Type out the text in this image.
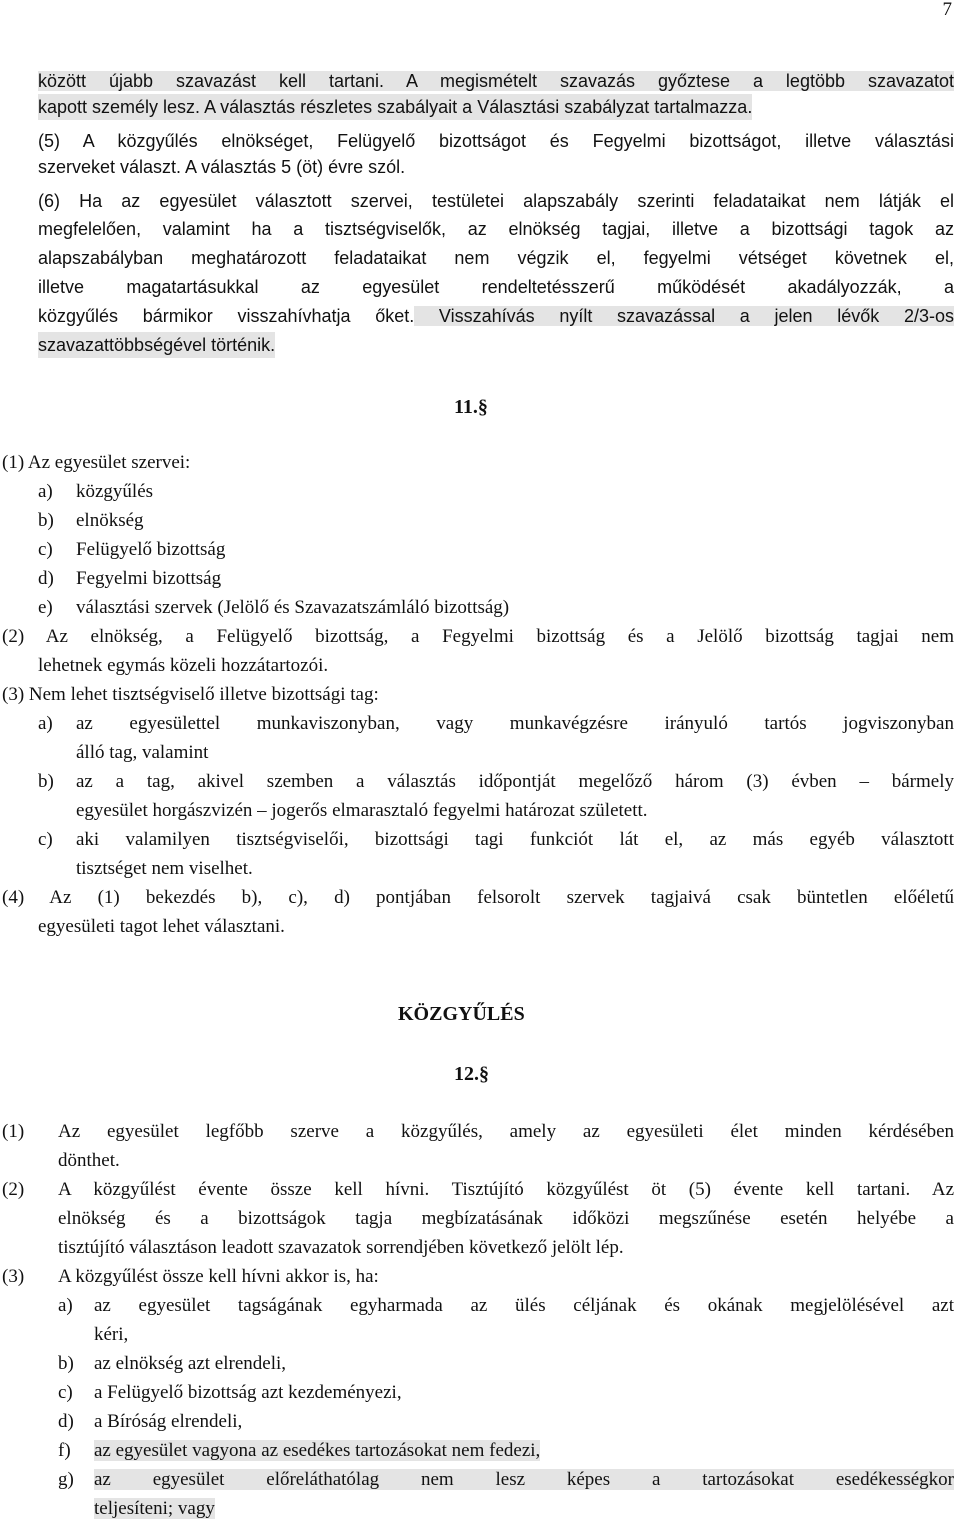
7
között újabb szavazást kell tartani. A megismételt szavazás győztese a legtöbb szavazatot
kapott személy lesz. A választás részletes szabályait a Választási szabályzat tartalmazza.
(5) A közgyűlés elnökséget, Felügyelő bizottságot és Fegyelmi bizottságot, illetve választási
szerveket választ. A választás 5 (öt) évre szól.
(6) Ha az egyesület választott szervei, testületei alapszabály szerinti feladataikat nem látják el
megfelelően, valamint ha a tisztségviselők, az elnökség tagjai, illetve a bizottsági tagok az
alapszabályban meghatározott feladataikat nem végzik el, fegyelmi vétséget követnek el,
illetve magatartásukkal az egyesület rendeltetésszerű működését akadályozzák, a
közgyűlés bármikor visszahívhatja őket. Visszahívás nyílt szavazással a jelen lévők 2/3-os
szavazattöbbségével történik.
11.§
(1) Az egyesület szervei:
a) közgyűlés
b) elnökség
c) Felügyelő bizottság
d) Fegyelmi bizottság
e) választási szervek (Jelölő és Szavazatszámláló bizottság)
(2) Az elnökség, a Felügyelő bizottság, a Fegyelmi bizottság és a Jelölő bizottság tagjai nem
lehetnek egymás közeli hozzátartozói.
(3) Nem lehet tisztségviselő illetve bizottsági tag:
a) az egyesülettel munkaviszonyban, vagy munkavégzésre irányuló tartós jogviszonyban
álló tag, valamint
b) az a tag, akivel szemben a választás időpontját megelőző három (3) évben – bármely
egyesület horgászvizén – jogerős elmarasztaló fegyelmi határozat született.
c) aki valamilyen tisztségviselői, bizottsági tagi funkciót lát el, az más egyéb választott
tisztséget nem viselhet.
(4) Az (1) bekezdés b), c), d) pontjában felsorolt szervek tagjaivá csak büntetlen előéletű
egyesületi tagot lehet választani.
KÖZGYŰLÉS
12.§
(1) Az egyesület legfőbb szerve a közgyűlés, amely az egyesületi élet minden kérdésében
dönthet.
(2) A közgyűlést évente össze kell hívni. Tisztújító közgyűlést öt (5) évente kell tartani. Az
elnökség és a bizottságok tagja megbízatásának időközi megszűnése esetén helyébe a
tisztújító választáson leadott szavazatok sorrendjében következő jelölt lép.
(3) A közgyűlést össze kell hívni akkor is, ha:
a) az egyesület tagságának egyharmada az ülés céljának és okának megjelölésével azt
kéri,
b) az elnökség azt elrendeli,
c) a Felügyelő bizottság azt kezdeményezi,
d) a Bíróság elrendeli,
f) az egyesület vagyona az esedékes tartozásokat nem fedezi,
g) az egyesület előreláthatólag nem lesz képes a tartozásokat esedékességkor
teljesíteni; vagy
